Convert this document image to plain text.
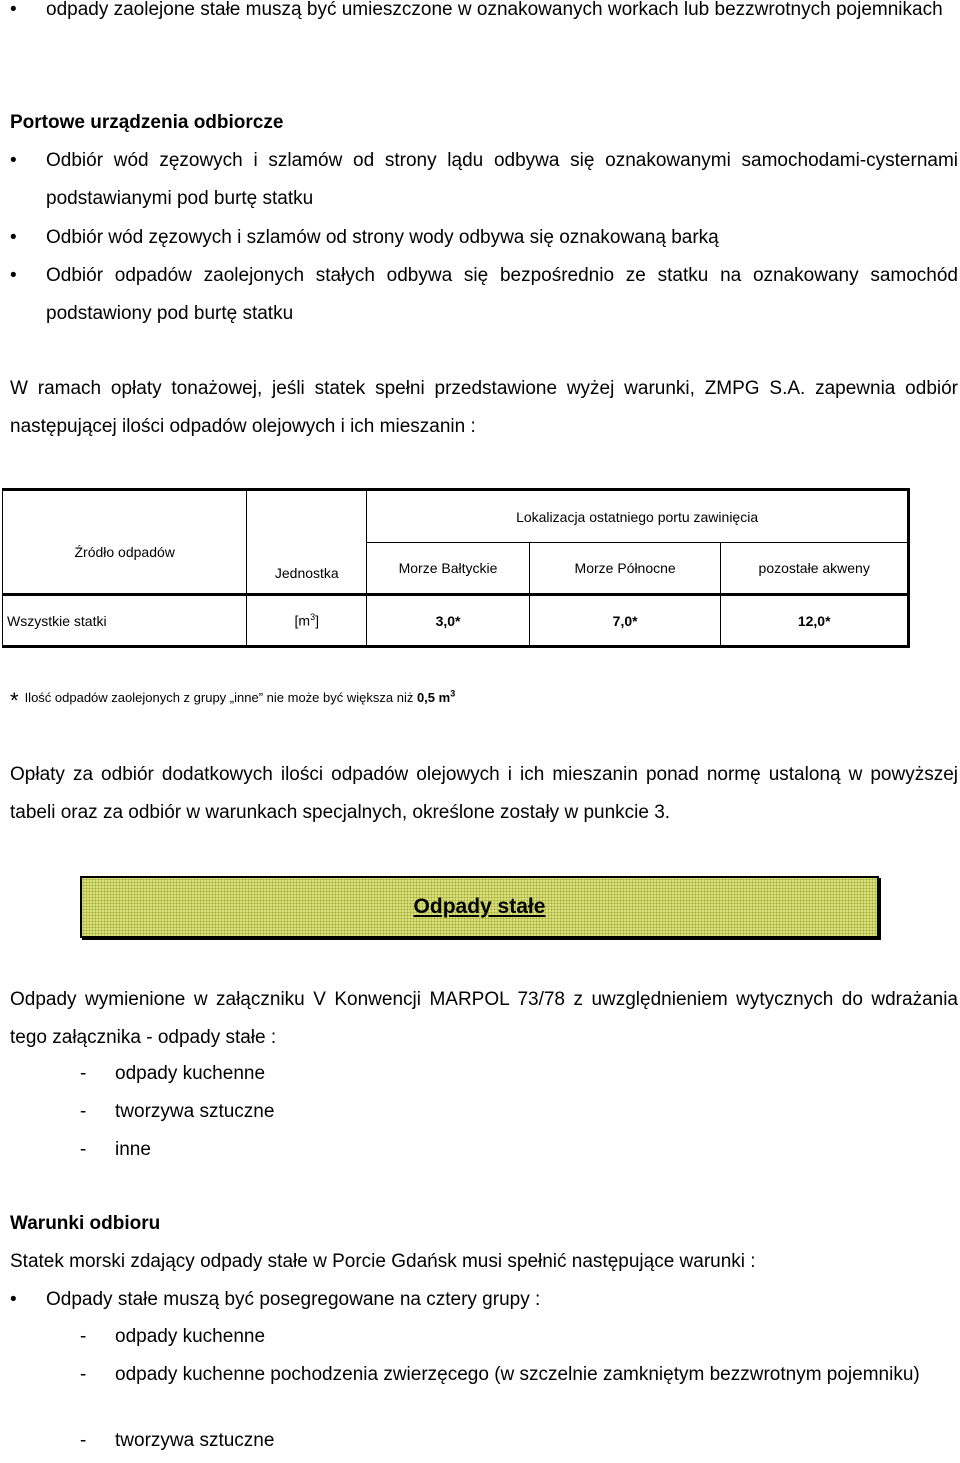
•	odpady zaolejone stałe muszą być umieszczone w oznakowanych workach lub bezzwrotnych pojemnikach
Portowe urządzenia odbiorcze
•	Odbiór wód zęzowych i szlamów od strony lądu odbywa się oznakowanymi samochodami-cysternami podstawianymi pod burtę statku
•	Odbiór wód zęzowych i szlamów od strony wody odbywa się oznakowaną barką
•	Odbiór odpadów zaolejonych stałych odbywa się bezpośrednio ze statku na oznakowany samochód podstawiony pod burtę statku
W ramach opłaty tonażowej, jeśli statek spełni przedstawione wyżej warunki, ZMPG S.A. zapewnia odbiór następującej ilości odpadów olejowych i ich mieszanin :
Źródło odpadów	Jednostka	Lokalizacja ostatniego portu zawinięcia		
		Morze Bałtyckie	Morze Północne	pozostałe akweny
Wszystkie statki	$[m^3]$	3,0*	7,0*	12,0*
* Ilość odpadów zaolejonych z grupy „inne” nie może być większa niż 0,5 $m^3$
Opłaty za odbiór dodatkowych ilości odpadów olejowych i ich mieszanin ponad normę ustaloną w powyższej tabeli oraz za odbiór w warunkach specjalnych, określone zostały w punkcie 3.
Odpady stałe
Odpady wymienione w załączniku V Konwencji MARPOL 73/78 z uwzględnieniem wytycznych do wdrażania tego załącznika - odpady stałe :
- odpady kuchenne
- tworzywa sztuczne
- inne
Warunki odbioru
Statek morski zdający odpady stałe w Porcie Gdańsk musi spełnić następujące warunki :
•	Odpady stałe muszą być posegregowane na cztery grupy :
- odpady kuchenne
- odpady kuchenne pochodzenia zwierzęcego (w szczelnie zamkniętym bezzwrotnym pojemniku)
- tworzywa sztuczne
